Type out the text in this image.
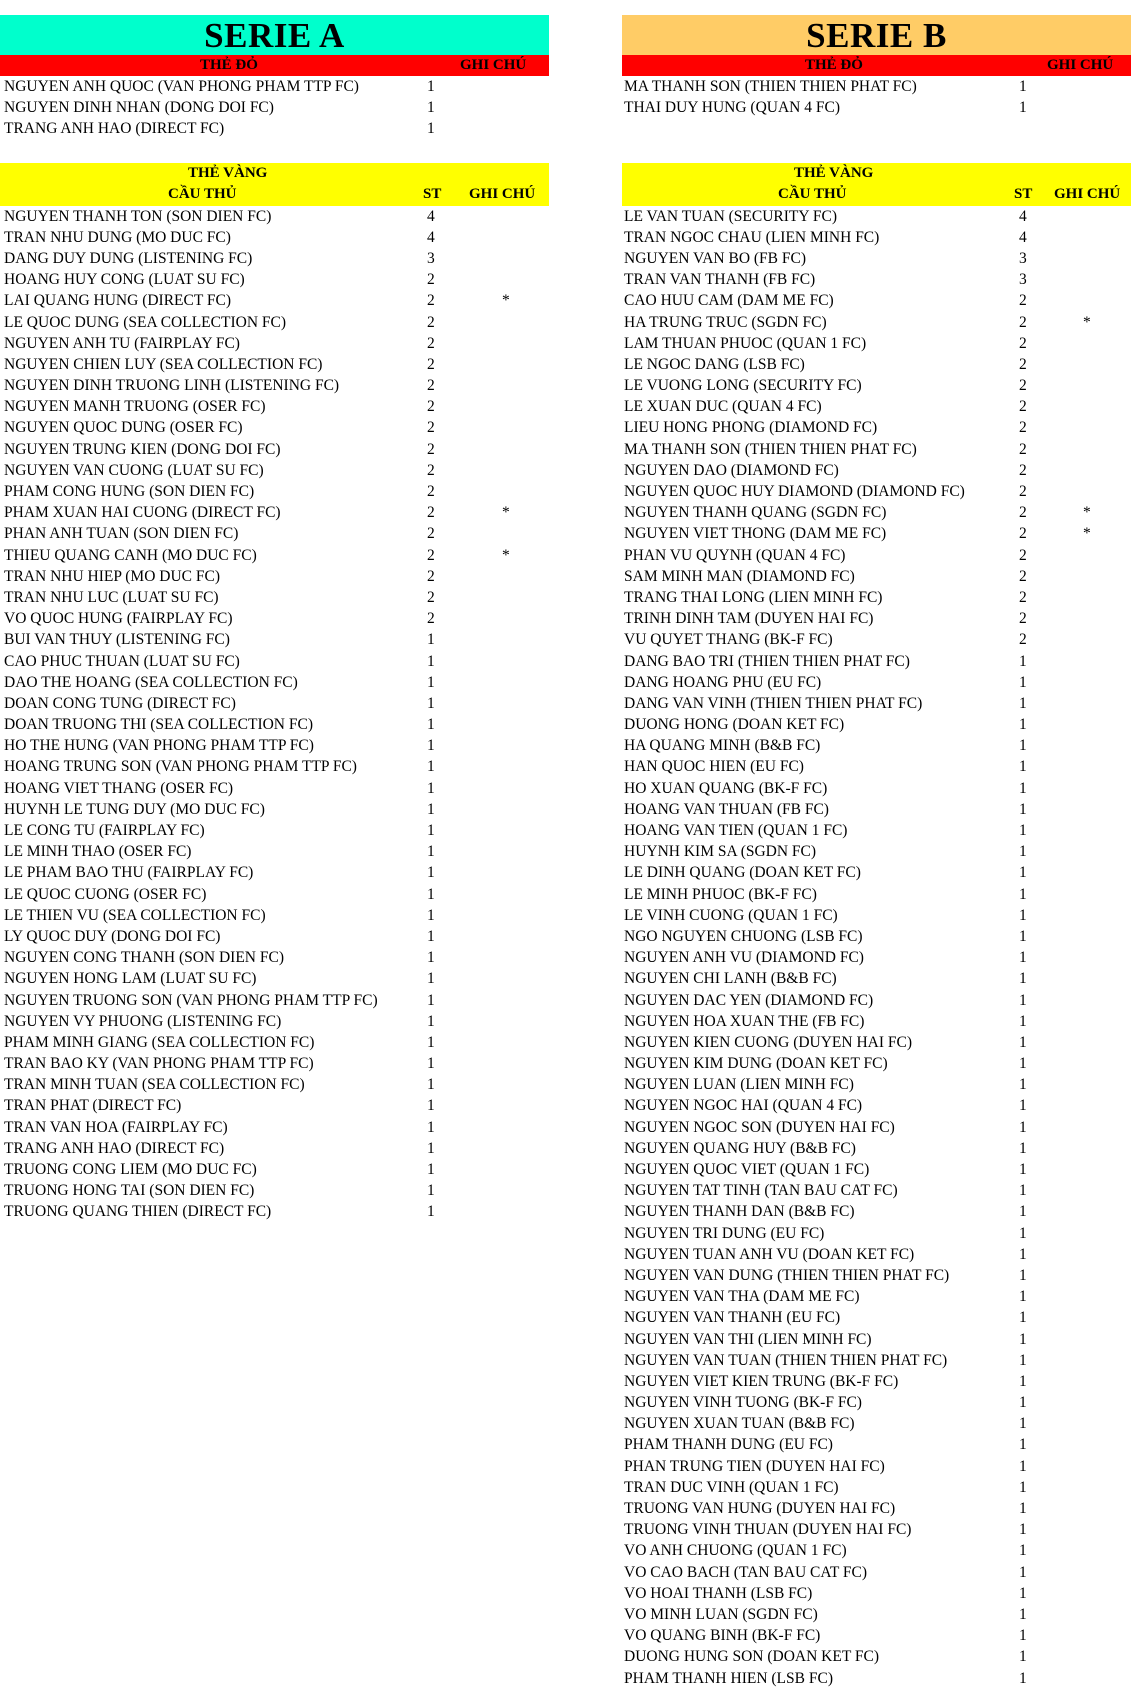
SERIE A
THẺ ĐỎ	GHI CHÚ
NGUYEN ANH QUOC (VAN PHONG PHAM TTP FC)	1
NGUYEN DINH NHAN (DONG DOI FC)	1
TRANG ANH HAO (DIRECT FC)	1
THẺ VÀNG
CẦU THỦ	ST GHI CHÚ
NGUYEN THANH TON (SON DIEN FC)	4
TRAN NHU DUNG (MO DUC FC)	4
DANG DUY DUNG (LISTENING FC)	3
HOANG HUY CONG (LUAT SU FC)	2
LAI QUANG HUNG (DIRECT FC)	2	*
LE QUOC DUNG (SEA COLLECTION FC)	2
NGUYEN ANH TU (FAIRPLAY FC)	2
NGUYEN CHIEN LUY (SEA COLLECTION FC)	2
NGUYEN DINH TRUONG LINH (LISTENING FC)	2
NGUYEN MANH TRUONG (OSER FC)	2
NGUYEN QUOC DUNG (OSER FC)	2
NGUYEN TRUNG KIEN (DONG DOI FC)	2
NGUYEN VAN CUONG (LUAT SU FC)	2
PHAM CONG HUNG (SON DIEN FC)	2
PHAM XUAN HAI CUONG (DIRECT FC)	2	*
PHAN ANH TUAN (SON DIEN FC)	2
THIEU QUANG CANH (MO DUC FC)	2	*
TRAN NHU HIEP (MO DUC FC)	2
TRAN NHU LUC (LUAT SU FC)	2
VO QUOC HUNG (FAIRPLAY FC)	2
BUI VAN THUY (LISTENING FC)	1
CAO PHUC THUAN (LUAT SU FC)	1
DAO THE HOANG (SEA COLLECTION FC)	1
DOAN CONG TUNG (DIRECT FC)	1
DOAN TRUONG THI (SEA COLLECTION FC)	1
HO THE HUNG (VAN PHONG PHAM TTP FC)	1
HOANG TRUNG SON (VAN PHONG PHAM TTP FC)	1
HOANG VIET THANG (OSER FC)	1
HUYNH LE TUNG DUY (MO DUC FC)	1
LE CONG TU (FAIRPLAY FC)	1
LE MINH THAO (OSER FC)	1
LE PHAM BAO THU (FAIRPLAY FC)	1
LE QUOC CUONG (OSER FC)	1
LE THIEN VU (SEA COLLECTION FC)	1
LY QUOC DUY (DONG DOI FC)	1
NGUYEN CONG THANH (SON DIEN FC)	1
NGUYEN HONG LAM (LUAT SU FC)	1
NGUYEN TRUONG SON (VAN PHONG PHAM TTP FC)	1
NGUYEN VY PHUONG (LISTENING FC)	1
PHAM MINH GIANG (SEA COLLECTION FC)	1
TRAN BAO KY (VAN PHONG PHAM TTP FC)	1
TRAN MINH TUAN (SEA COLLECTION FC)	1
TRAN PHAT (DIRECT FC)	1
TRAN VAN HOA (FAIRPLAY FC)	1
TRANG ANH HAO (DIRECT FC)	1
TRUONG CONG LIEM (MO DUC FC)	1
TRUONG HONG TAI (SON DIEN FC)	1
TRUONG QUANG THIEN (DIRECT FC)	1
SERIE B
THẺ ĐỎ	GHI CHÚ
MA THANH SON (THIEN THIEN PHAT FC)	1
THAI DUY HUNG (QUAN 4 FC)	1
THẺ VÀNG
CẦU THỦ	ST GHI CHÚ
LE VAN TUAN (SECURITY FC)	4
TRAN NGOC CHAU (LIEN MINH FC)	4
NGUYEN VAN BO (FB FC)	3
TRAN VAN THANH (FB FC)	3
CAO HUU CAM (DAM ME FC)	2
HA TRUNG TRUC (SGDN FC)	2	*
LAM THUAN PHUOC (QUAN 1 FC)	2
LE NGOC DANG (LSB FC)	2
LE VUONG LONG (SECURITY FC)	2
LE XUAN DUC (QUAN 4 FC)	2
LIEU HONG PHONG (DIAMOND FC)	2
MA THANH SON (THIEN THIEN PHAT FC)	2
NGUYEN DAO (DIAMOND FC)	2
NGUYEN QUOC HUY DIAMOND (DIAMOND FC)	2
NGUYEN THANH QUANG (SGDN FC)	2	*
NGUYEN VIET THONG (DAM ME FC)	2	*
PHAN VU QUYNH (QUAN 4 FC)	2
SAM MINH MAN (DIAMOND FC)	2
TRANG THAI LONG (LIEN MINH FC)	2
TRINH DINH TAM (DUYEN HAI FC)	2
VU QUYET THANG (BK-F FC)	2
DANG BAO TRI (THIEN THIEN PHAT FC)	1
DANG HOANG PHU (EU FC)	1
DANG VAN VINH (THIEN THIEN PHAT FC)	1
DUONG HONG (DOAN KET FC)	1
HA QUANG MINH (B&B FC)	1
HAN QUOC HIEN (EU FC)	1
HO XUAN QUANG (BK-F FC)	1
HOANG VAN THUAN (FB FC)	1
HOANG VAN TIEN (QUAN 1 FC)	1
HUYNH KIM SA (SGDN FC)	1
LE DINH QUANG (DOAN KET FC)	1
LE MINH PHUOC (BK-F FC)	1
LE VINH CUONG (QUAN 1 FC)	1
NGO NGUYEN CHUONG (LSB FC)	1
NGUYEN ANH VU (DIAMOND FC)	1
NGUYEN CHI LANH (B&B FC)	1
NGUYEN DAC YEN (DIAMOND FC)	1
NGUYEN HOA XUAN THE (FB FC)	1
NGUYEN KIEN CUONG (DUYEN HAI FC)	1
NGUYEN KIM DUNG (DOAN KET FC)	1
NGUYEN LUAN (LIEN MINH FC)	1
NGUYEN NGOC HAI (QUAN 4 FC)	1
NGUYEN NGOC SON (DUYEN HAI FC)	1
NGUYEN QUANG HUY (B&B FC)	1
NGUYEN QUOC VIET (QUAN 1 FC)	1
NGUYEN TAT TINH (TAN BAU CAT FC)	1
NGUYEN THANH DAN (B&B FC)	1
NGUYEN TRI DUNG (EU FC)	1
NGUYEN TUAN ANH VU (DOAN KET FC)	1
NGUYEN VAN DUNG (THIEN THIEN PHAT FC)	1
NGUYEN VAN THA (DAM ME FC)	1
NGUYEN VAN THANH (EU FC)	1
NGUYEN VAN THI (LIEN MINH FC)	1
NGUYEN VAN TUAN (THIEN THIEN PHAT FC)	1
NGUYEN VIET KIEN TRUNG (BK-F FC)	1
NGUYEN VINH TUONG (BK-F FC)	1
NGUYEN XUAN TUAN (B&B FC)	1
PHAM THANH DUNG (EU FC)	1
PHAN TRUNG TIEN (DUYEN HAI FC)	1
TRAN DUC VINH (QUAN 1 FC)	1
TRUONG VAN HUNG (DUYEN HAI FC)	1
TRUONG VINH THUAN (DUYEN HAI FC)	1
VO ANH CHUONG (QUAN 1 FC)	1
VO CAO BACH (TAN BAU CAT FC)	1
VO HOAI THANH (LSB FC)	1
VO MINH LUAN (SGDN FC)	1
VO QUANG BINH (BK-F FC)	1
DUONG HUNG SON (DOAN KET FC)	1
PHAM THANH HIEN (LSB FC)	1
